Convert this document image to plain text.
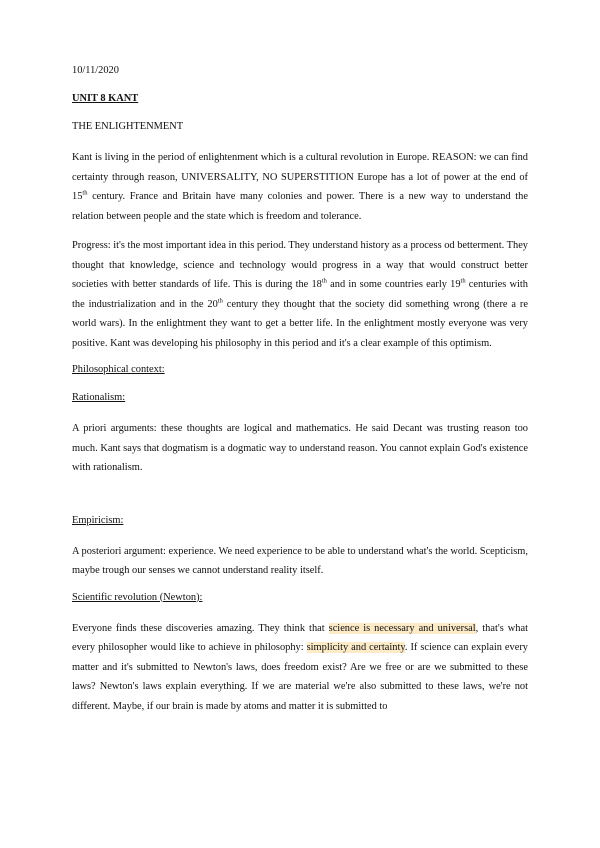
10/11/2020
UNIT 8 KANT
THE ENLIGHTENMENT

Kant is living in the period of enlightenment which is a cultural revolution in Europe. REASON: we can find certainty through reason, UNIVERSALITY, NO SUPERSTITION Europe has a lot of power at the end of 15th century. France and Britain have many colonies and power. There is a new way to understand the relation between people and the state which is freedom and tolerance.

Progress: it's the most important idea in this period. They understand history as a process od betterment. They thought that knowledge, science and technology would progress in a way that would construct better societies with better standards of life. This is during the 18th and in some countries early 19th centuries with the industrialization and in the 20th century they thought that the society did something wrong (there a re world wars). In the enlightment they want to get a better life. In the enlightment mostly everyone was very positive. Kant was developing his philosophy in this period and it's a clear example of this optimism.

Philosophical context:
Rationalism:

A priori arguments: these thoughts are logical and mathematics. He said Decant was trusting reason too much. Kant says that dogmatism is a dogmatic way to understand reason. You cannot explain God's existence with rationalism.

Empiricism:

A posteriori argument: experience. We need experience to be able to understand what's the world. Scepticism, maybe trough our senses we cannot understand reality itself.

Scientific revolution (Newton):

Everyone finds these discoveries amazing. They think that science is necessary and universal, that's what every philosopher would like to achieve in philosophy: simplicity and certainty. If science can explain every matter and it's submitted to Newton's laws, does freedom exist? Are we free or are we submitted to these laws? Newton's laws explain everything. If we are material we're also submitted to these laws, we're not different. Maybe, if our brain is made by atoms and matter it is submitted to
